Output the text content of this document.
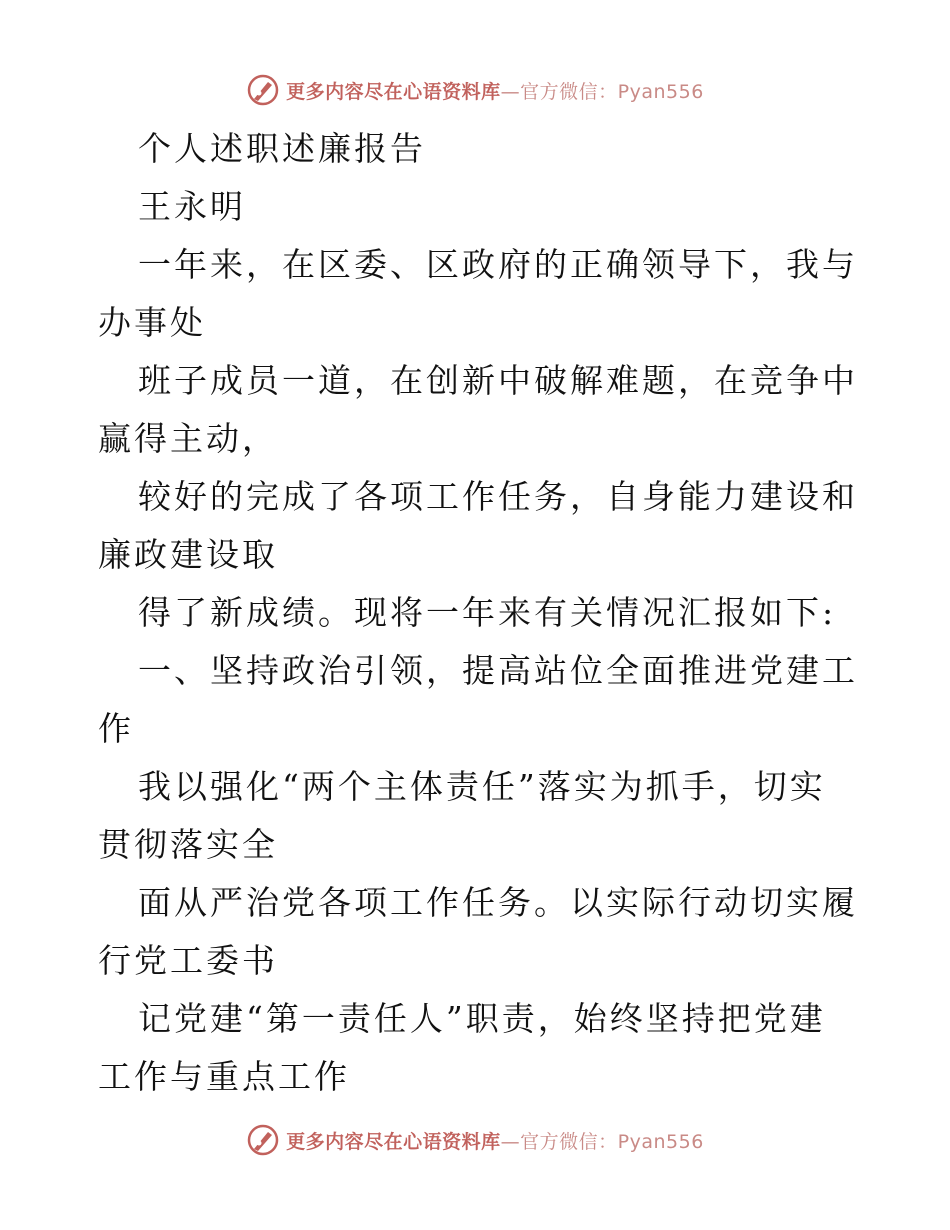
更多内容尽在心语资料库—官方微信：Pyan556

个人述职述廉报告

王永明

一年来，在区委、区政府的正确领导下，我与办事处

班子成员一道，在创新中破解难题，在竞争中赢得主动，

较好的完成了各项工作任务，自身能力建设和廉政建设取

得了新成绩。现将一年来有关情况汇报如下:

一、坚持政治引领，提高站位全面推进党建工作

我以强化“两个主体责任”落实为抓手，切实贯彻落实全

面从严治党各项工作任务。以实际行动切实履行党工委书

记党建“第一责任人”职责，始终坚持把党建工作与重点工作

更多内容尽在心语资料库—官方微信：Pyan556
